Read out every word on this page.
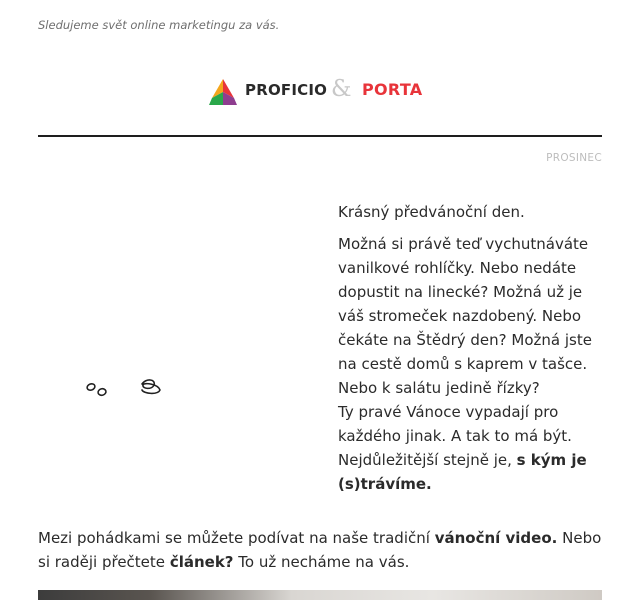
Sledujeme svět online marketingu za vás.
PROFICIO & PORTA
PROSINEC

Krásný předvánoční den.

Možná si právě teď vychutnáváte vanilkové rohlíčky. Nebo nedáte dopustit na linecké? Možná už je váš stromeček nazdobený. Nebo čekáte na Štědrý den? Možná jste na cestě domů s kaprem v tašce. Nebo k salátu jedině řízky?
Ty pravé Vánoce vypadají pro každého jinak. A tak to má být. Nejdůležitější stejně je, s kým je (s)trávíme.

Mezi pohádkami se můžete podívat na naše tradiční vánoční video. Nebo si raději přečtete článek? To už necháme na vás.
